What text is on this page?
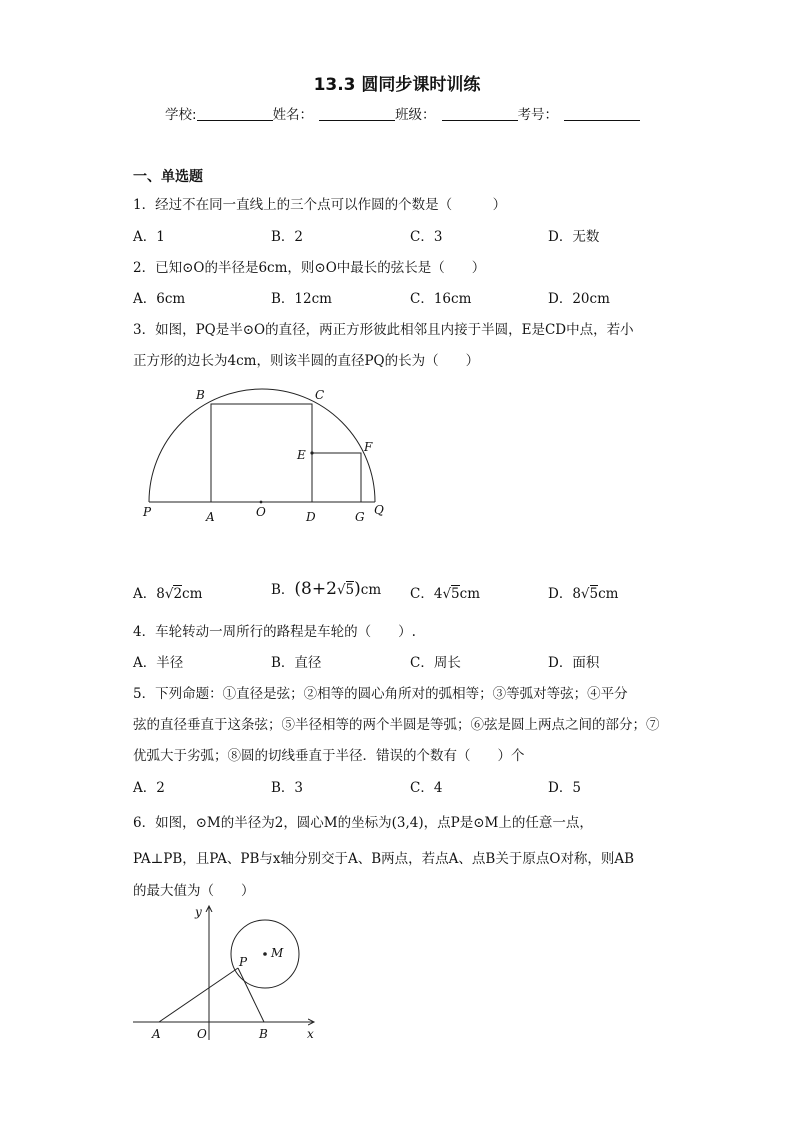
13.3 圆同步课时训练
学校:	姓名：	班级：	考号：
一、单选题
1．经过不在同一直线上的三个点可以作圆的个数是（　　　）
A．1	B．2	C．3	D．无数
2．已知⊙O的半径是6cm，则⊙O中最长的弦长是（　　）
A．6cm	B．12cm	C．16cm	D．20cm
3．如图，PQ是半⊙O的直径，两正方形彼此相邻且内接于半圆，E是CD中点，若小
正方形的边长为4cm，则该半圆的直径PQ的长为（　　）
B	C
E
F
P	A	O	D	G Q
A．8√2cm	B．(8+2√5)cm C．4√5cm	D．8√5cm
4．车轮转动一周所行的路程是车轮的（　　）.
A．半径	B．直径	C．周长	D．面积
5．下列命题：①直径是弦；②相等的圆心角所对的弧相等；③等弧对等弦；④平分
弦的直径垂直于这条弦；⑤半径相等的两个半圆是等弧；⑥弦是圆上两点之间的部分；⑦
优弧大于劣弧；⑧圆的切线垂直于半径．错误的个数有（　　）个
A．2	B．3	C．4	D．5
6．如图，⊙M的半径为2，圆心M的坐标为(3,4)，点P是⊙M上的任意一点，
PA⊥PB，且PA、PB与x轴分别交于A、B两点，若点A、点B关于原点O对称，则AB
的最大值为（　　）
y
M
P
A	O	B	x
